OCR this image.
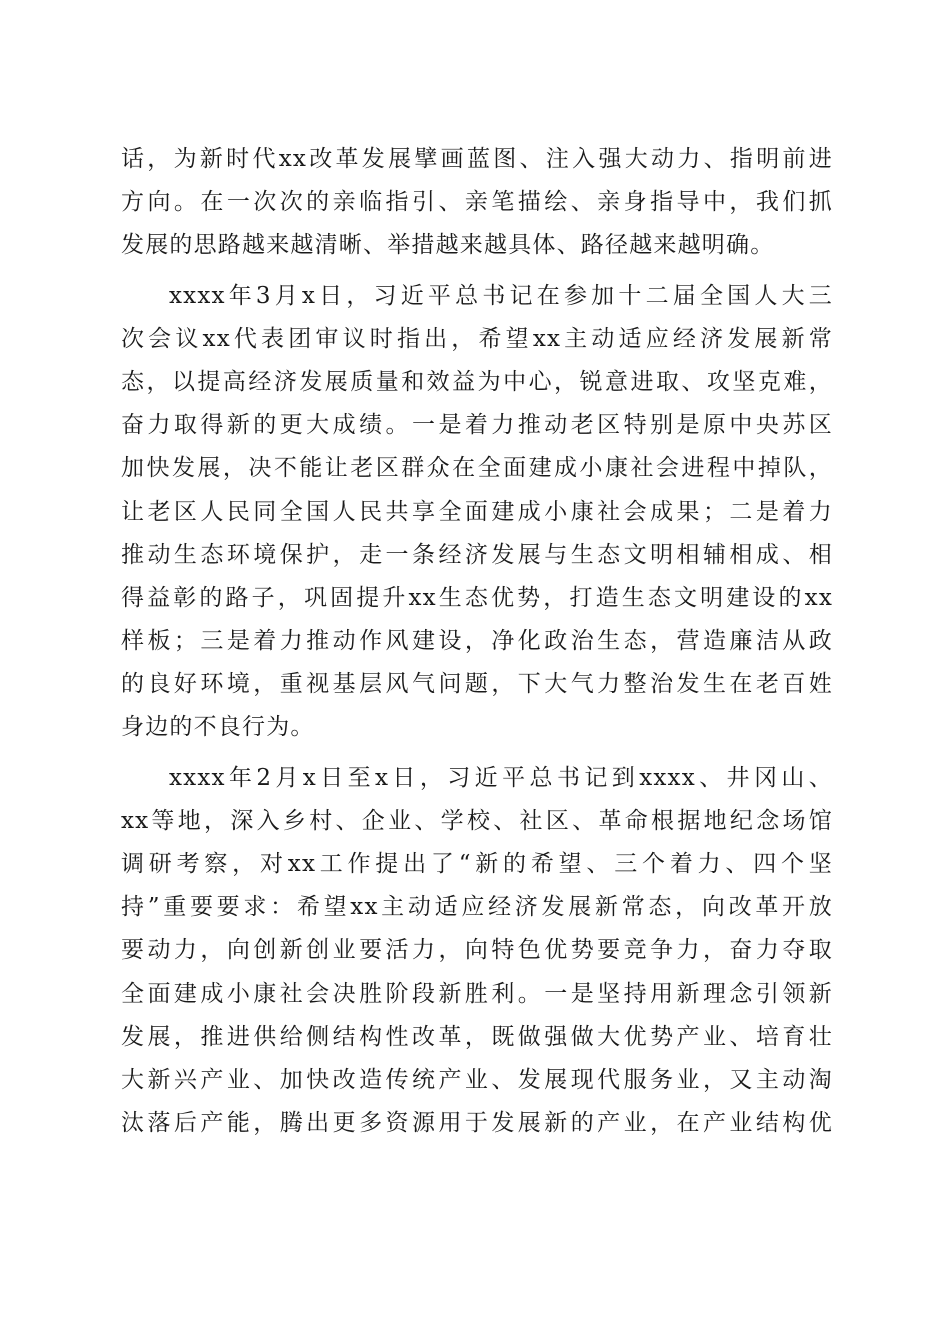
话，为新时代xx改革发展擘画蓝图、注入强大动力、指明前进
方向。在一次次的亲临指引、亲笔描绘、亲身指导中，我们抓
发展的思路越来越清晰、举措越来越具体、路径越来越明确。
xxxx年3月x日，习近平总书记在参加十二届全国人大三
次会议xx代表团审议时指出，希望xx主动适应经济发展新常
态，以提高经济发展质量和效益为中心，锐意进取、攻坚克难，
奋力取得新的更大成绩。一是着力推动老区特别是原中央苏区
加快发展，决不能让老区群众在全面建成小康社会进程中掉队，
让老区人民同全国人民共享全面建成小康社会成果；二是着力
推动生态环境保护，走一条经济发展与生态文明相辅相成、相
得益彰的路子，巩固提升xx生态优势，打造生态文明建设的xx
样板；三是着力推动作风建设，净化政治生态，营造廉洁从政
的良好环境，重视基层风气问题，下大气力整治发生在老百姓
身边的不良行为。
xxxx年2月x日至x日，习近平总书记到xxxx、井冈山、
xx等地，深入乡村、企业、学校、社区、革命根据地纪念场馆
调研考察，对xx工作提出了“新的希望、三个着力、四个坚
持”重要要求：希望xx主动适应经济发展新常态，向改革开放
要动力，向创新创业要活力，向特色优势要竞争力，奋力夺取
全面建成小康社会决胜阶段新胜利。一是坚持用新理念引领新
发展，推进供给侧结构性改革，既做强做大优势产业、培育壮
大新兴产业、加快改造传统产业、发展现代服务业，又主动淘
汰落后产能，腾出更多资源用于发展新的产业，在产业结构优
